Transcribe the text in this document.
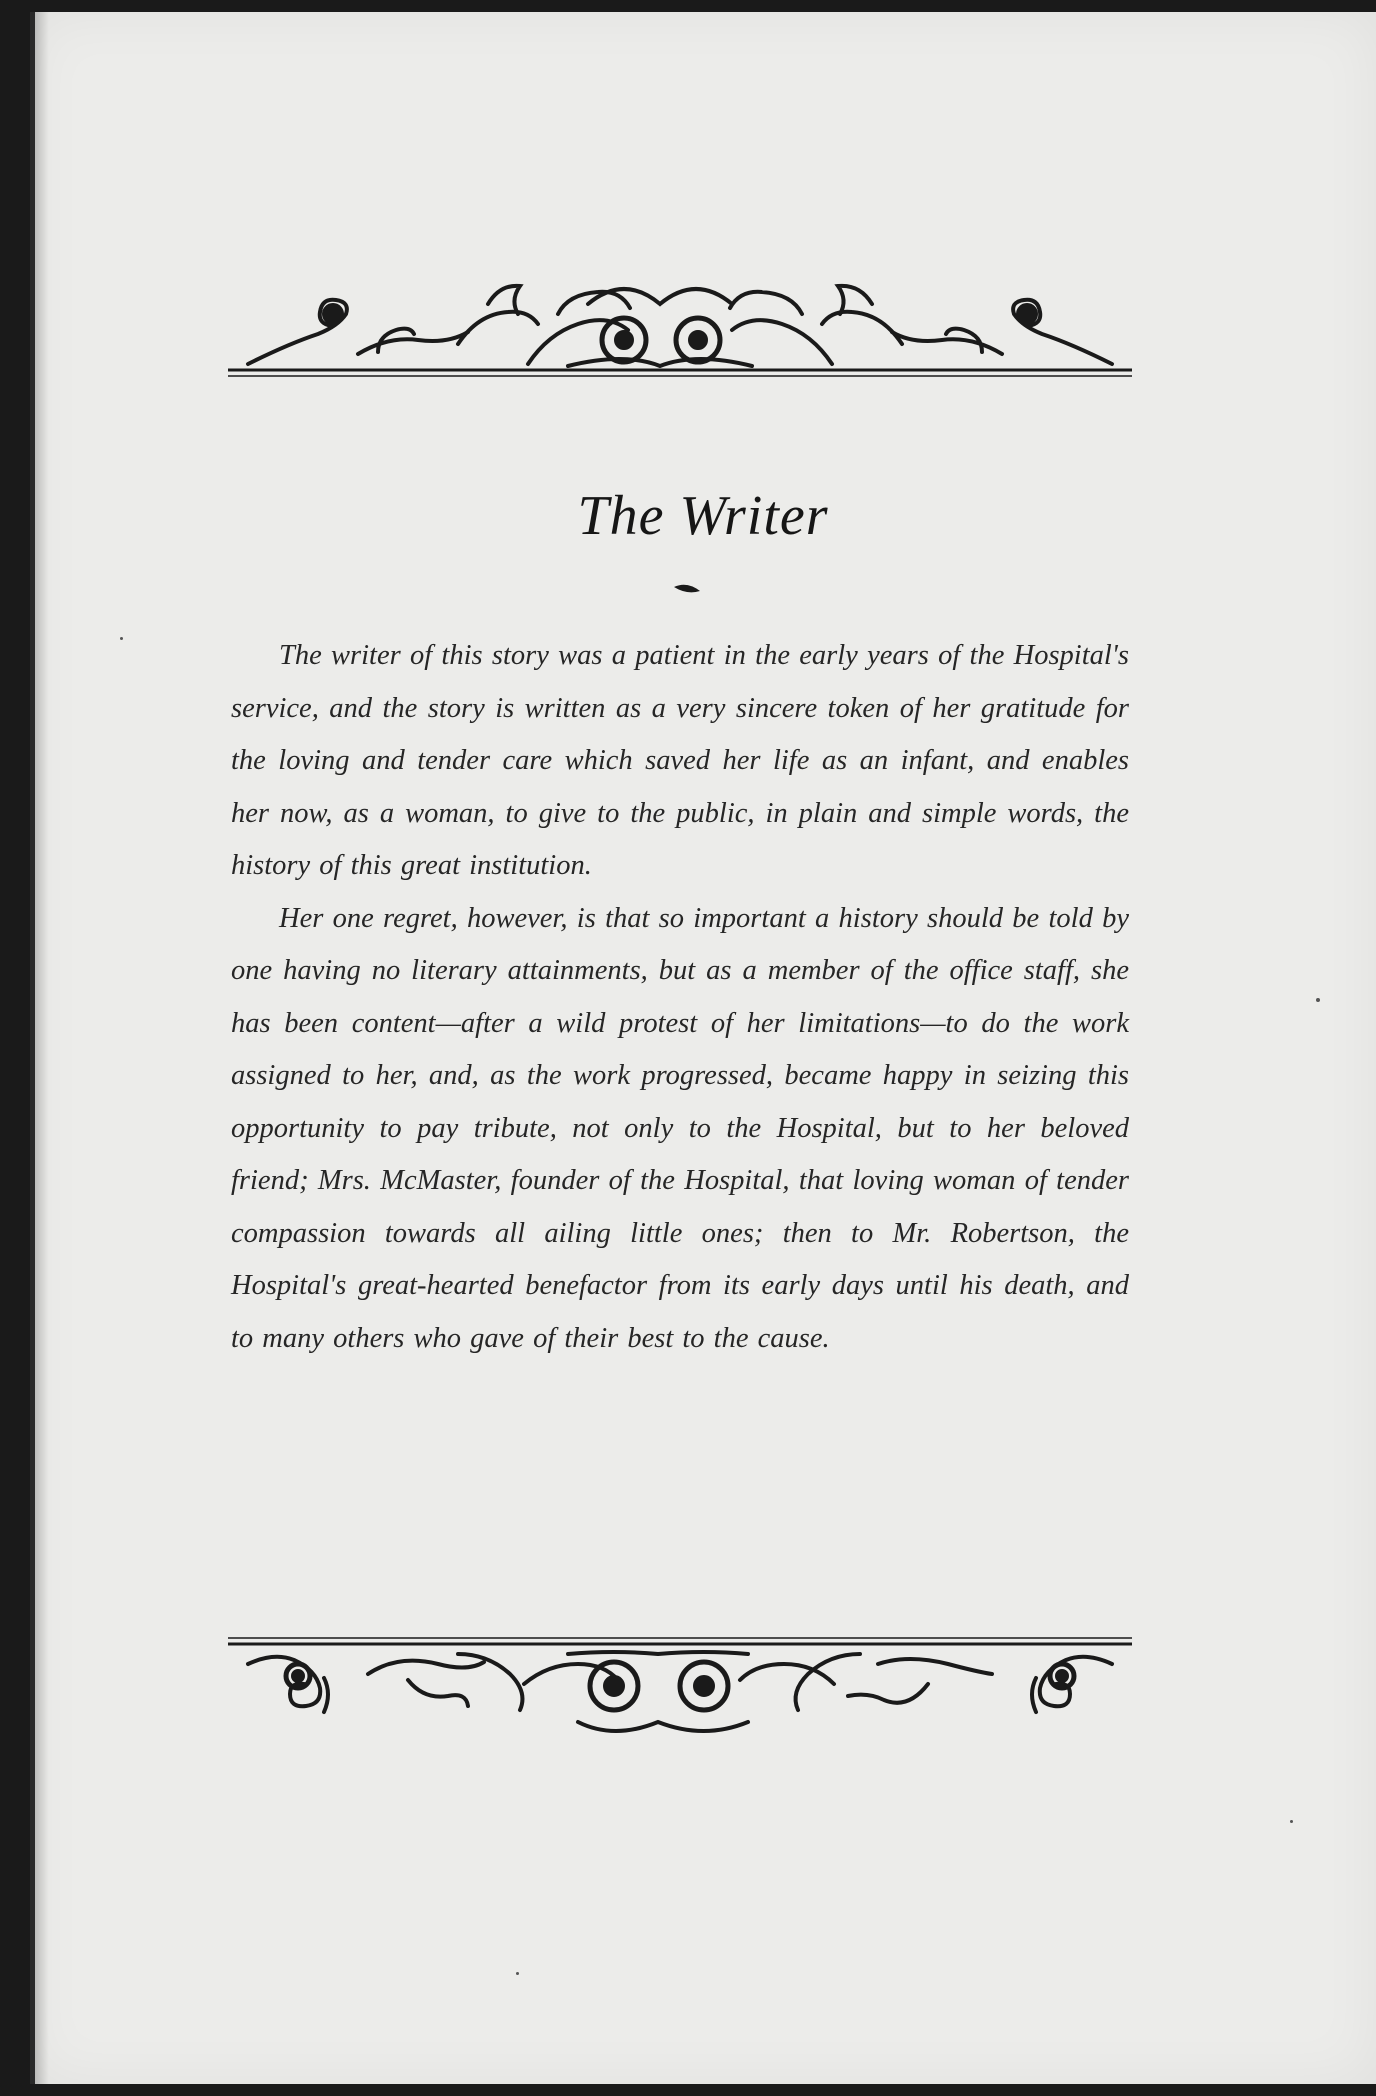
The Writer

The writer of this story was a patient in the early years of the Hospital's service, and the story is written as a very sincere token of her gratitude for the loving and tender care which saved her life as an infant, and enables her now, as a woman, to give to the public, in plain and simple words, the history of this great institution.

Her one regret, however, is that so important a history should be told by one having no literary attainments, but as a member of the office staff, she has been content—after a wild protest of her limitations—to do the work assigned to her, and, as the work progressed, became happy in seizing this opportunity to pay tribute, not only to the Hospital, but to her beloved friend; Mrs. McMaster, founder of the Hospital, that loving woman of tender compassion towards all ailing little ones; then to Mr. Robertson, the Hospital's great-hearted benefactor from its early days until his death, and to many others who gave of their best to the cause.
